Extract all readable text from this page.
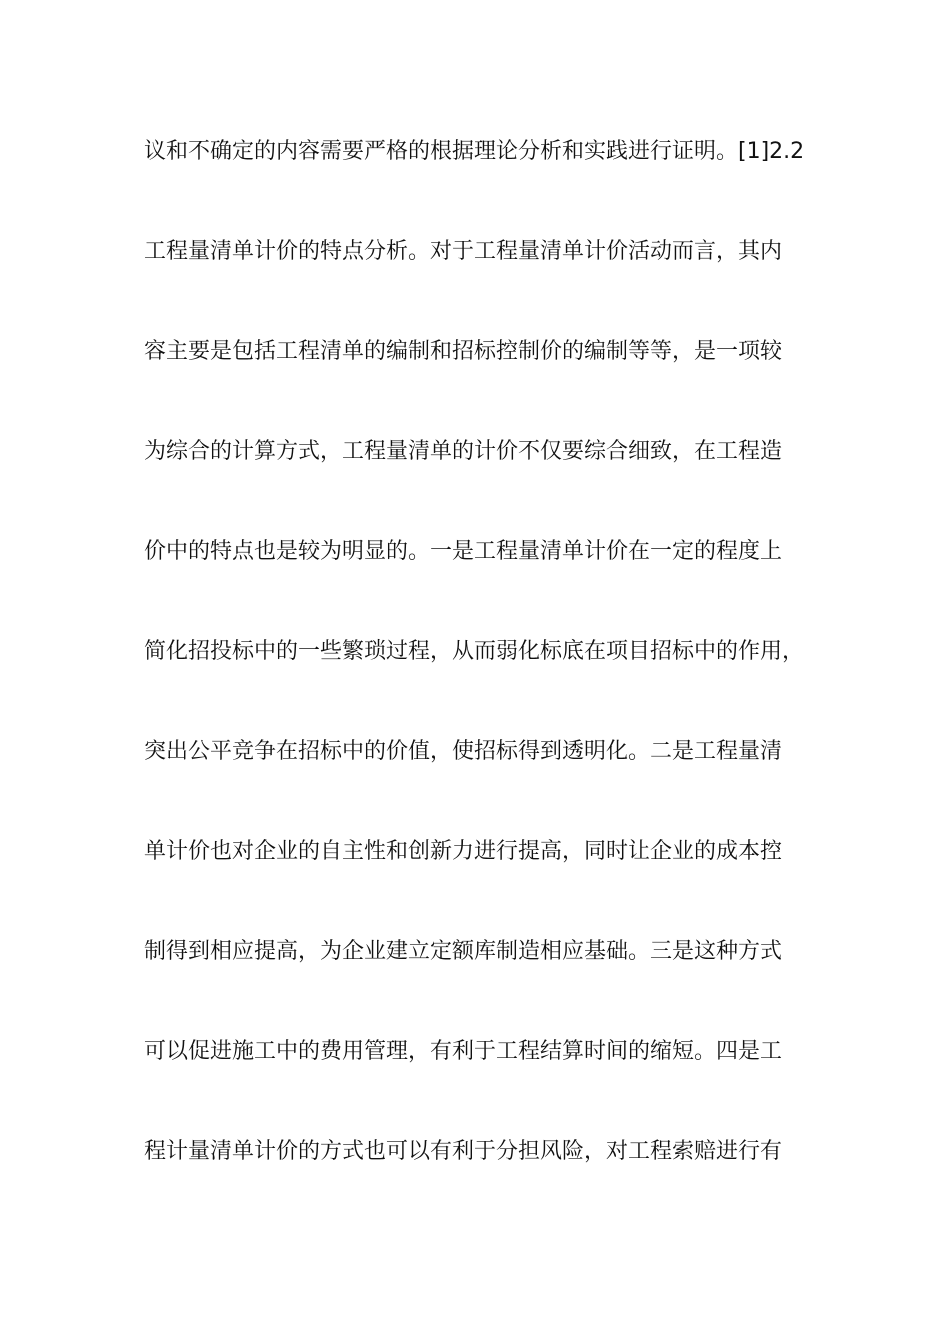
议和不确定的内容需要严格的根据理论分析和实践进行证明。[1]2.2
工程量清单计价的特点分析。对于工程量清单计价活动而言，其内
容主要是包括工程清单的编制和招标控制价的编制等等，是一项较
为综合的计算方式，工程量清单的计价不仅要综合细致，在工程造
价中的特点也是较为明显的。一是工程量清单计价在一定的程度上
简化招投标中的一些繁琐过程，从而弱化标底在项目招标中的作用，
突出公平竞争在招标中的价值，使招标得到透明化。二是工程量清
单计价也对企业的自主性和创新力进行提高，同时让企业的成本控
制得到相应提高，为企业建立定额库制造相应基础。三是这种方式
可以促进施工中的费用管理，有利于工程结算时间的缩短。四是工
程计量清单计价的方式也可以有利于分担风险，对工程索赔进行有
